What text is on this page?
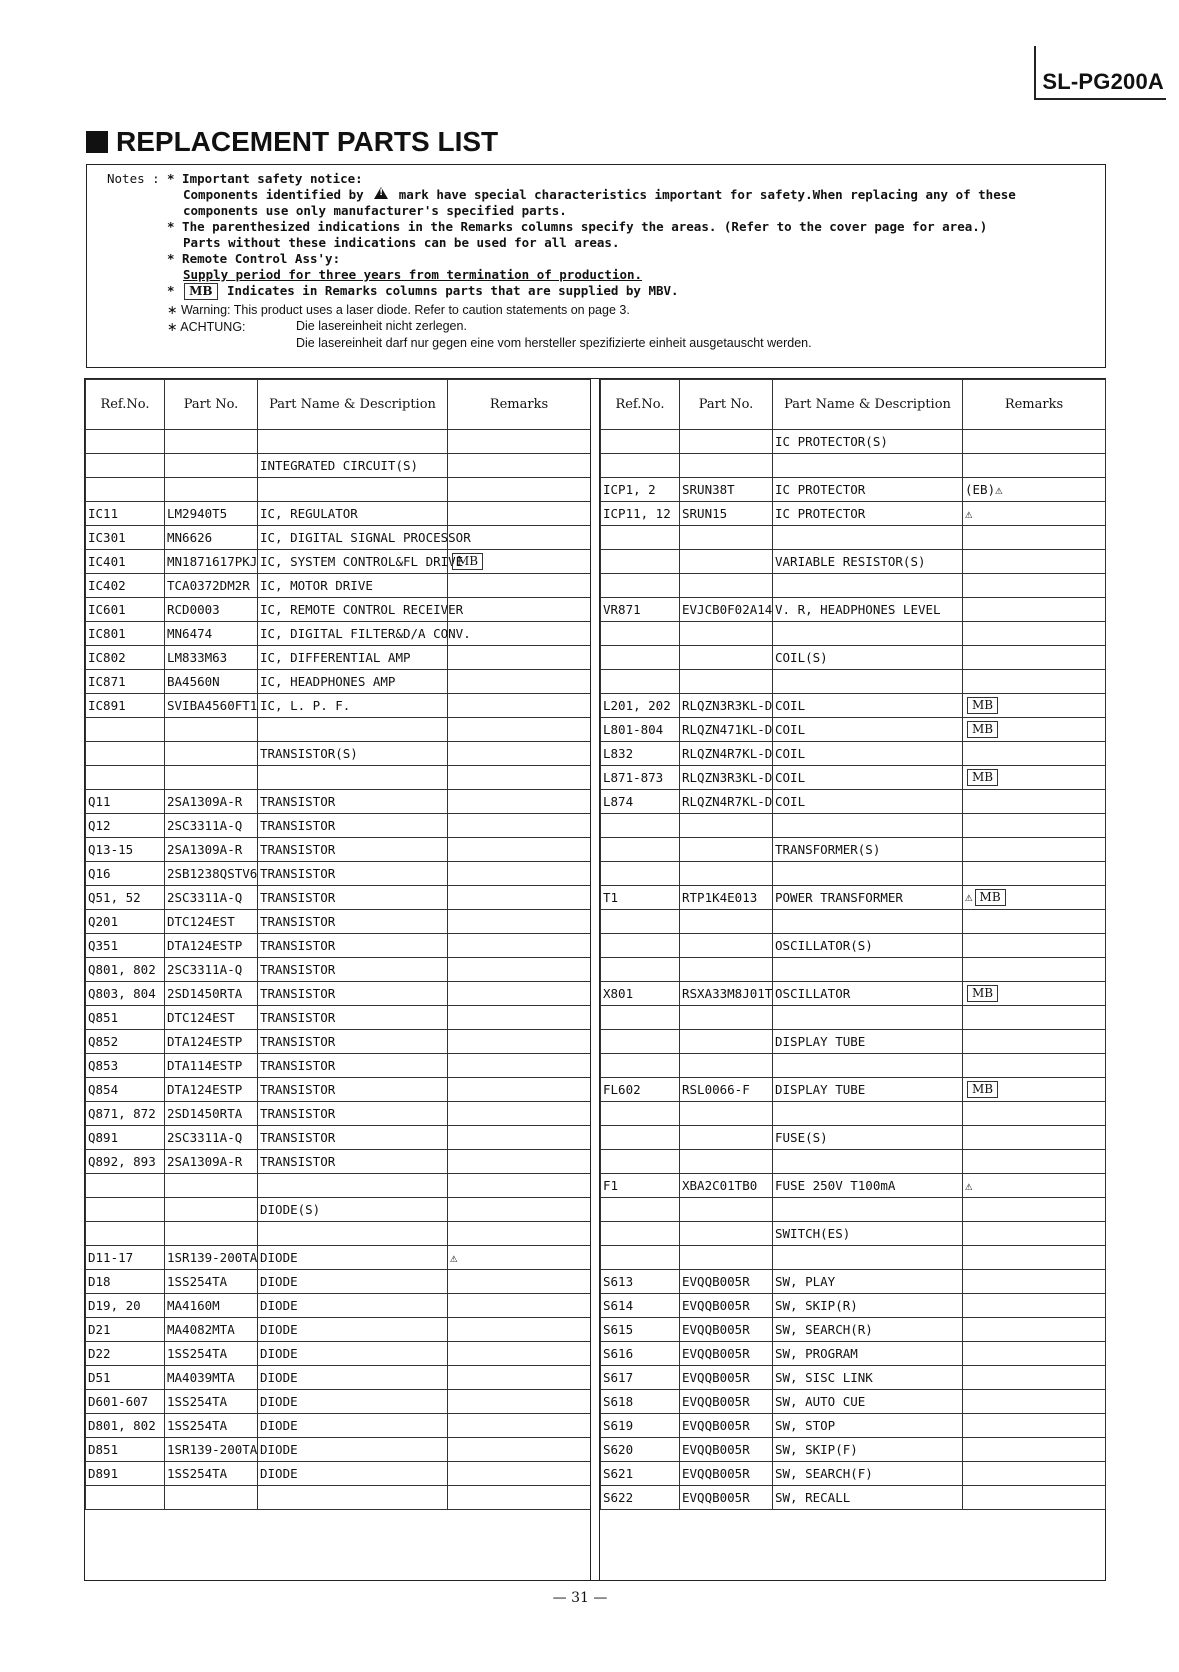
SL-PG200A
REPLACEMENT PARTS LIST
Notes : * Important safety notice:
Components identified by !	mark have special characteristics important for safety.When replacing any of these
components use only manufacturer's specified parts.
* The parenthesized indications in the Remarks columns specify the areas. (Refer to the cover page for area.)
Parts without these indications can be used for all areas.
* Remote Control Ass'y:
Supply period for three years from termination of production.
* MB Indicates in Remarks columns parts that are supplied by MBV.
∗ Warning: This product uses a laser diode. Refer to caution statements on page 3.
∗ ACHTUNG:	Die lasereinheit nicht zerlegen.
Die lasereinheit darf nur gegen eine vom hersteller spezifizierte einheit ausgetauscht werden.
Ref.No.	Part No.	Part Name & Description	Remarks

		INTEGRATED CIRCUIT(S)	

IC11	LM2940T5	IC, REGULATOR	
IC301	MN6626	IC, DIGITAL SIGNAL PROCESSOR	
IC401	MN1871617PKJ	IC, SYSTEM CONTROL&FL DRIVE	MB
IC402	TCA0372DM2R	IC, MOTOR DRIVE	
IC601	RCD0003	IC, REMOTE CONTROL RECEIVER	
IC801	MN6474	IC, DIGITAL FILTER&D/A CONV.	
IC802	LM833M63	IC, DIFFERENTIAL AMP	
IC871	BA4560N	IC, HEADPHONES AMP	
IC891	SVIBA4560FT1	IC, L. P. F.	

		TRANSISTOR(S)	

Q11	2SA1309A-R	TRANSISTOR	
Q12	2SC3311A-Q	TRANSISTOR	
Q13-15	2SA1309A-R	TRANSISTOR	
Q16	2SB1238QSTV6	TRANSISTOR	
Q51, 52	2SC3311A-Q	TRANSISTOR	
Q201	DTC124EST	TRANSISTOR	
Q351	DTA124ESTP	TRANSISTOR	
Q801, 802	2SC3311A-Q	TRANSISTOR	
Q803, 804	2SD1450RTA	TRANSISTOR	
Q851	DTC124EST	TRANSISTOR	
Q852	DTA124ESTP	TRANSISTOR	
Q853	DTA114ESTP	TRANSISTOR	
Q854	DTA124ESTP	TRANSISTOR	
Q871, 872	2SD1450RTA	TRANSISTOR	
Q891	2SC3311A-Q	TRANSISTOR	
Q892, 893	2SA1309A-R	TRANSISTOR	

		DIODE(S)	

D11-17	1SR139-200TA	DIODE	⚠
D18	1SS254TA	DIODE	
D19, 20	MA4160M	DIODE	
D21	MA4082MTA	DIODE	
D22	1SS254TA	DIODE	
D51	MA4039MTA	DIODE	
D601-607	1SS254TA	DIODE	
D801, 802	1SS254TA	DIODE	
D851	1SR139-200TA	DIODE	
D891	1SS254TA	DIODE	

Ref.No.	Part No.	Part Name & Description	Remarks
		IC PROTECTOR(S)	

ICP1, 2	SRUN38T	IC PROTECTOR	(EB)⚠
ICP11, 12	SRUN15	IC PROTECTOR	⚠

		VARIABLE RESISTOR(S)	

VR871	EVJCB0F02A14	V. R, HEADPHONES LEVEL	

		COIL(S)	

L201, 202	RLQZN3R3KL-D	COIL	MB
L801-804	RLQZN471KL-D	COIL	MB
L832	RLQZN4R7KL-D	COIL	
L871-873	RLQZN3R3KL-D	COIL	MB
L874	RLQZN4R7KL-D	COIL	

		TRANSFORMER(S)	

T1	RTP1K4E013	POWER TRANSFORMER	⚠ MB

		OSCILLATOR(S)	

X801	RSXA33M8J01T	OSCILLATOR	MB

		DISPLAY TUBE	

FL602	RSL0066-F	DISPLAY TUBE	MB

		FUSE(S)	

F1	XBA2C01TB0	FUSE 250V T100mA	⚠

		SWITCH(ES)	

S613	EVQQB005R	SW, PLAY	
S614	EVQQB005R	SW, SKIP(R)	
S615	EVQQB005R	SW, SEARCH(R)	
S616	EVQQB005R	SW, PROGRAM	
S617	EVQQB005R	SW, SISC LINK	
S618	EVQQB005R	SW, AUTO CUE	
S619	EVQQB005R	SW, STOP	
S620	EVQQB005R	SW, SKIP(F)	
S621	EVQQB005R	SW, SEARCH(F)	
S622	EVQQB005R	SW, RECALL	
— 31 —
